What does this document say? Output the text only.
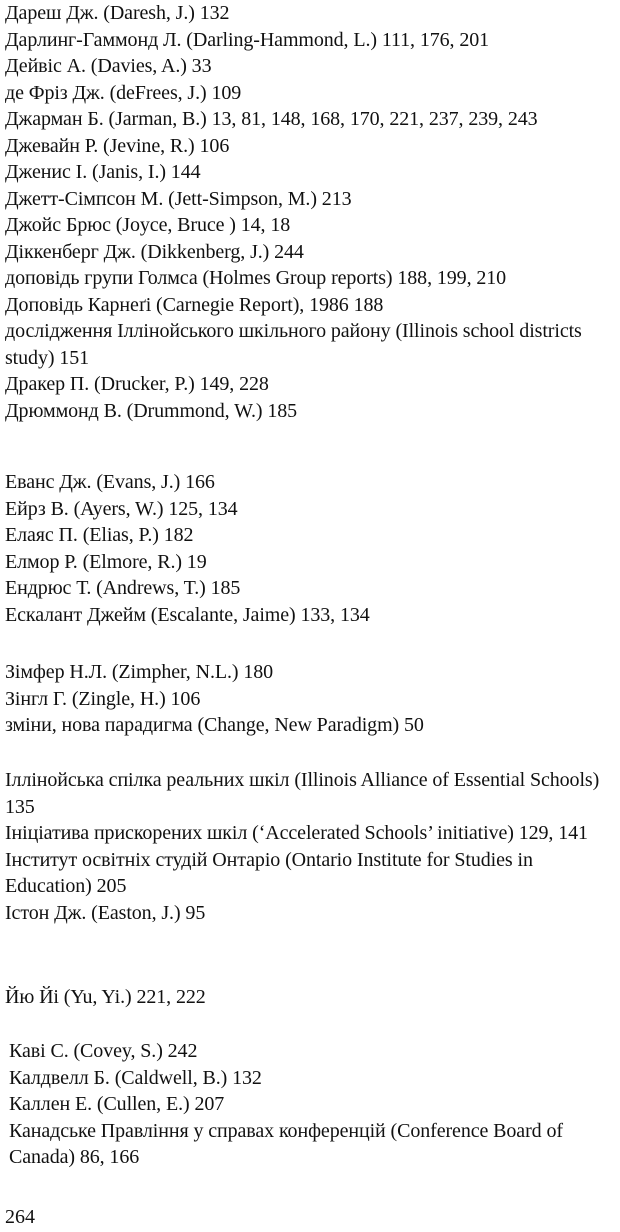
Дареш Дж. (Daresh, J.) 132
Дарлинг-Гаммонд Л. (Darling-Hammond, L.) 111, 176, 201
Дейвіс А. (Davies, A.) 33
де Фріз Дж. (deFrees, J.) 109
Джарман Б. (Jarman, B.) 13, 81, 148, 168, 170, 221, 237, 239, 243
Джевайн Р. (Jevine, R.) 106
Дженис І. (Janis, І.) 144
Джетт-Сімпсон М. (Jett-Simpson, M.) 213
Джойс Брюс (Joyce, Bruce ) 14, 18
Діккенберг Дж. (Dikkenberg, J.) 244
доповідь групи Голмса (Holmes Group reports) 188, 199, 210
Доповідь Карнеґі (Carnegie Report), 1986 188
дослідження Іллінойського шкільного району (Illinois school districts study) 151
Дракер П. (Drucker, P.) 149, 228
Дрюммонд В. (Drummond, W.) 185
Еванс Дж. (Evans, J.) 166
Ейрз В. (Ayers, W.) 125, 134
Елаяс П. (Elias, P.) 182
Елмор Р. (Elmore, R.) 19
Ендрюс Т. (Andrews, T.) 185
Ескалант Джейм (Escalante, Jaime) 133, 134
Зімфер Н.Л. (Zimpher, N.L.) 180
Зінгл Г. (Zingle, H.) 106
зміни, нова парадигма (Change, New Paradigm) 50
Іллінойська спілка реальних шкіл (Illinois Alliance of Essential Schools) 135
Ініціатива прискорених шкіл (‘Accelerated Schools’ initiative) 129, 141
Інститут освітніх студій Онтаріо (Ontario Institute for Studies in Education) 205
Істон Дж. (Easton, J.) 95
Йю Йі (Yu, Yi.) 221, 222
Каві С. (Covey, S.) 242
Калдвелл Б. (Caldwell, B.) 132
Каллен Е. (Cullen, E.) 207
Канадське Правління у справах конференцій (Conference Board of Canada) 86, 166
264
